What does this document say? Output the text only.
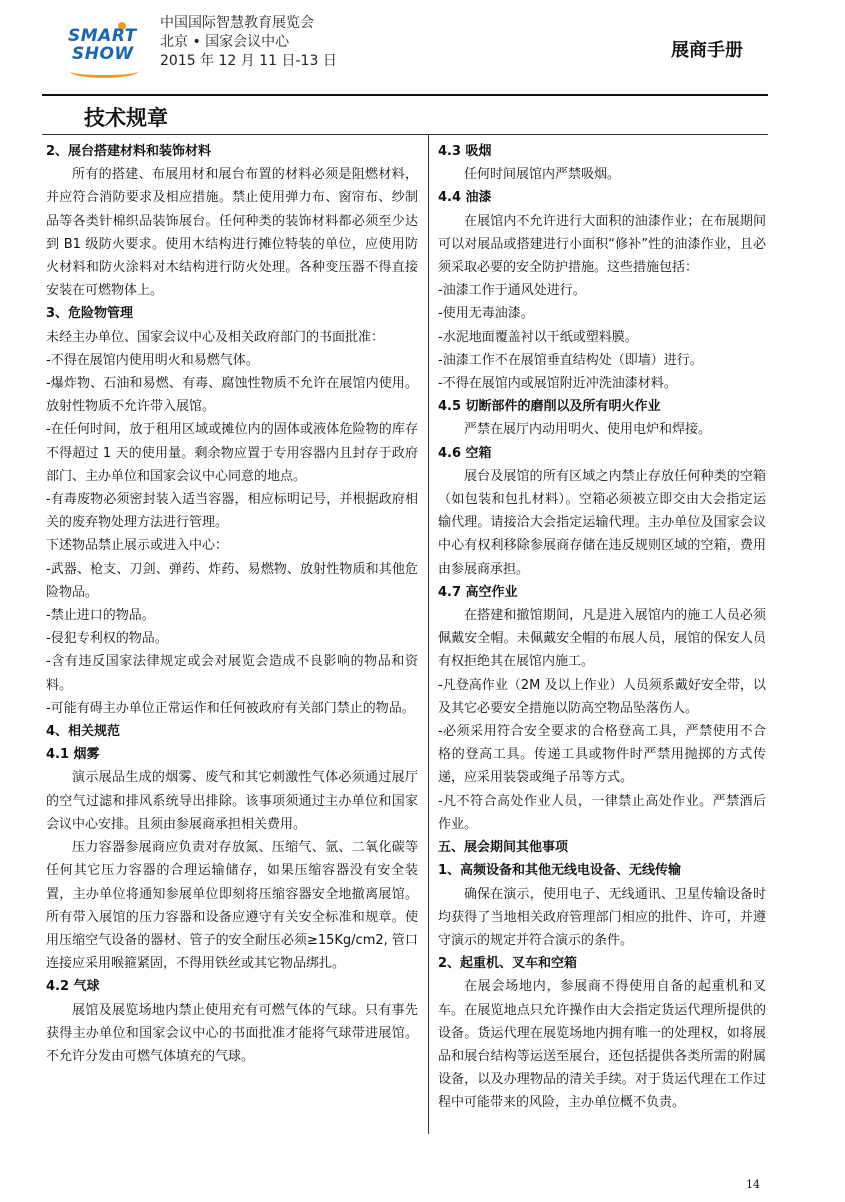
SMART
SHOW
中国国际智慧教育展览会
北京 • 国家会议中心
2015 年 12 月 11 日-13 日	展商手册
技术规章

2、展台搭建材料和装饰材料

所有的搭建、布展用材和展台布置的材料必须是阻燃材料，并应符合消防要求及相应措施。禁止使用弹力布、窗帘布、纱制品等各类针棉织品装饰展台。任何种类的装饰材料都必须至少达到 B1 级防火要求。使用木结构进行摊位特装的单位，应使用防火材料和防火涂料对木结构进行防火处理。各种变压器不得直接安装在可燃物体上。

3、危险物管理

未经主办单位、国家会议中心及相关政府部门的书面批准：

-不得在展馆内使用明火和易燃气体。

-爆炸物、石油和易燃、有毒、腐蚀性物质不允许在展馆内使用。放射性物质不允许带入展馆。

-在任何时间，放于租用区域或摊位内的固体或液体危险物的库存不得超过 1 天的使用量。剩余物应置于专用容器内且封存于政府部门、主办单位和国家会议中心同意的地点。

-有毒废物必须密封装入适当容器，相应标明记号，并根据政府相关的废弃物处理方法进行管理。

下述物品禁止展示或进入中心：

-武器、枪支、刀剑、弹药、炸药、易燃物、放射性物质和其他危险物品。

-禁止进口的物品。

-侵犯专利权的物品。

-含有违反国家法律规定或会对展览会造成不良影响的物品和资料。

-可能有碍主办单位正常运作和任何被政府有关部门禁止的物品。

4、相关规范

4.1 烟雾

演示展品生成的烟雾、废气和其它刺激性气体必须通过展厅的空气过滤和排风系统导出排除。该事项须通过主办单位和国家会议中心安排。且须由参展商承担相关费用。

压力容器参展商应负责对存放氮、压缩气、氩、二氧化碳等任何其它压力容器的合理运输储存，如果压缩容器没有安全装置，主办单位将通知参展单位即刻将压缩容器安全地撤离展馆。所有带入展馆的压力容器和设备应遵守有关安全标准和规章。使用压缩空气设备的器材、管子的安全耐压必须≥15Kg/cm2, 管口连接应采用喉箍紧固，不得用铁丝或其它物品绑扎。

4.2 气球

展馆及展览场地内禁止使用充有可燃气体的气球。只有事先获得主办单位和国家会议中心的书面批准才能将气球带进展馆。不允许分发由可燃气体填充的气球。

4.3 吸烟

任何时间展馆内严禁吸烟。

4.4 油漆

在展馆内不允许进行大面积的油漆作业；在布展期间可以对展品或搭建进行小面积“修补”性的油漆作业，且必须采取必要的安全防护措施。这些措施包括：

-油漆工作于通风处进行。

-使用无毒油漆。

-水泥地面覆盖衬以干纸或塑料膜。

-油漆工作不在展馆垂直结构处（即墙）进行。

-不得在展馆内或展馆附近冲洗油漆材料。

4.5 切断部件的磨削以及所有明火作业

严禁在展厅内动用明火、使用电炉和焊接。

4.6 空箱

展台及展馆的所有区域之内禁止存放任何种类的空箱（如包装和包扎材料）。空箱必须被立即交由大会指定运输代理。请接洽大会指定运输代理。主办单位及国家会议中心有权利移除参展商存储在违反规则区域的空箱，费用由参展商承担。

4.7 高空作业

在搭建和撤馆期间，凡是进入展馆内的施工人员必须佩戴安全帽。未佩戴安全帽的布展人员，展馆的保安人员有权拒绝其在展馆内施工。

-凡登高作业（2M 及以上作业）人员须系戴好安全带，以及其它必要安全措施以防高空物品坠落伤人。

-必须采用符合安全要求的合格登高工具，严禁使用不合格的登高工具。传递工具或物件时严禁用抛掷的方式传递，应采用装袋或绳子吊等方式。

-凡不符合高处作业人员，一律禁止高处作业。严禁酒后作业。

五、展会期间其他事项

1、高频设备和其他无线电设备、无线传输

确保在演示，使用电子、无线通讯、卫星传输设备时均获得了当地相关政府管理部门相应的批件、许可，并遵守演示的规定并符合演示的条件。

2、起重机、叉车和空箱

在展会场地内，参展商不得使用自备的起重机和叉车。在展览地点只允许操作由大会指定货运代理所提供的设备。货运代理在展览场地内拥有唯一的处理权，如将展品和展台结构等运送至展台，还包括提供各类所需的附属设备，以及办理物品的清关手续。对于货运代理在工作过程中可能带来的风险，主办单位概不负责。

14
